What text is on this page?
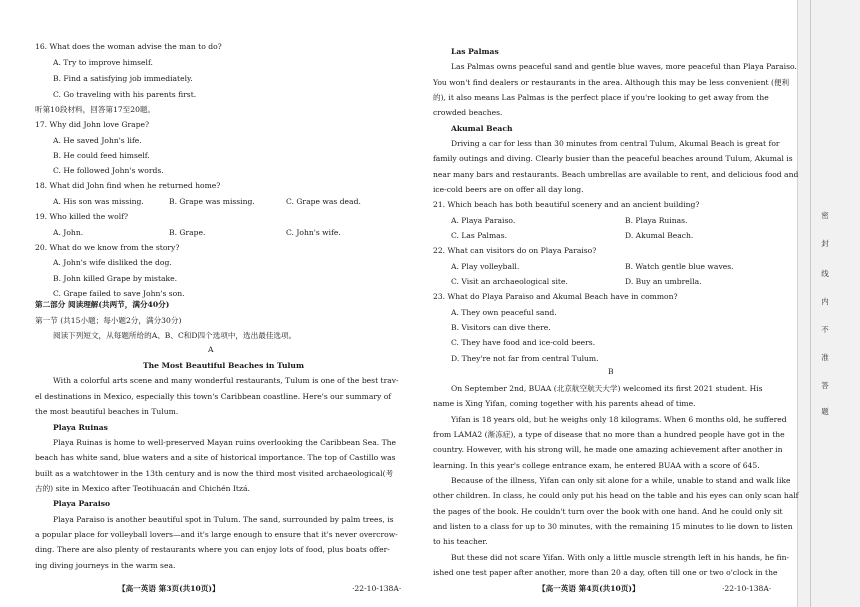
【高一英语 第3页(共10页)】	·22-10-138A·	【高一英语 第4页(共10页)】	·22-10-138A·
16. What does the woman advise the man to do?
A. Try to improve himself.
B. Find a satisfying job immediately.
C. Go traveling with his parents first.
听第10段材料，回答第17至20题。
17. Why did John love Grape?
A. He saved John's life.
B. He could feed himself.
C. He followed John's words.
18. What did John find when he returned home?
A. His son was missing.	B. Grape was missing.	C. Grape was dead.
19. Who killed the wolf?
A. John.	B. Grape.	C. John's wife.
20. What do we know from the story?
A. John's wife disliked the dog.
B. John killed Grape by mistake.
C. Grape failed to save John's son.
第二部分 阅读理解(共两节，满分40分)
第一节 (共15小题；每小题2分，满分30分)
阅读下列短文，从每题所给的A、B、C和D四个选项中，选出最佳选项。
A
The Most Beautiful Beaches in Tulum
With a colorful arts scene and many wonderful restaurants, Tulum is one of the best trav-
el destinations in Mexico, especially this town's Caribbean coastline. Here's our summary of
the most beautiful beaches in Tulum.
Playa Ruinas
Playa Ruinas is home to well-preserved Mayan ruins overlooking the Caribbean Sea. The
beach has white sand, blue waters and a site of historical importance. The top of Castillo was
built as a watchtower in the 13th century and is now the third most visited archaeological(考
古的) site in Mexico after Teotihuacán and Chichén Itzá.
Playa Paraiso
Playa Paraiso is another beautiful spot in Tulum. The sand, surrounded by palm trees, is
a popular place for volleyball lovers—and it's large enough to ensure that it's never overcrow-
ding. There are also plenty of restaurants where you can enjoy lots of food, plus boats offer-
ing diving journeys in the warm sea.
Las Palmas
Las Palmas owns peaceful sand and gentle blue waves, more peaceful than Playa Paraiso.
You won't find dealers or restaurants in the area. Although this may be less convenient (便利
的), it also means Las Palmas is the perfect place if you're looking to get away from the
crowded beaches.
Akumal Beach
Driving a car for less than 30 minutes from central Tulum, Akumal Beach is great for
family outings and diving. Clearly busier than the peaceful beaches around Tulum, Akumal is
near many bars and restaurants. Beach umbrellas are available to rent, and delicious food and
ice-cold beers are on offer all day long.
21. Which beach has both beautiful scenery and an ancient building?
A. Playa Paraiso.	B. Playa Ruinas.
C. Las Palmas.	D. Akumal Beach.
22. What can visitors do on Playa Paraiso?
A. Play volleyball.	B. Watch gentle blue waves.
C. Visit an archaeological site.	D. Buy an umbrella.
23. What do Playa Paraiso and Akumal Beach have in common?
A. They own peaceful sand.
B. Visitors can dive there.
C. They have food and ice-cold beers.
D. They're not far from central Tulum.
B
On September 2nd, BUAA (北京航空航天大学) welcomed its first 2021 student. His
name is Xing Yifan, coming together with his parents ahead of time.
Yifan is 18 years old, but he weighs only 18 kilograms. When 6 months old, he suffered
from LAMA2 (渐冻症), a type of disease that no more than a hundred people have got in the
country. However, with his strong will, he made one amazing achievement after another in
learning. In this year's college entrance exam, he entered BUAA with a score of 645.
Because of the illness, Yifan can only sit alone for a while, unable to stand and walk like
other children. In class, he could only put his head on the table and his eyes can only scan half
the pages of the book. He couldn't turn over the book with one hand. And he could only sit
and listen to a class for up to 30 minutes, with the remaining 15 minutes to lie down to listen
to his teacher.
But these did not scare Yifan. With only a little muscle strength left in his hands, he fin-
ished one test paper after another, more than 20 a day, often till one or two o'clock in the
密
封
线
内
不
准
答
题
